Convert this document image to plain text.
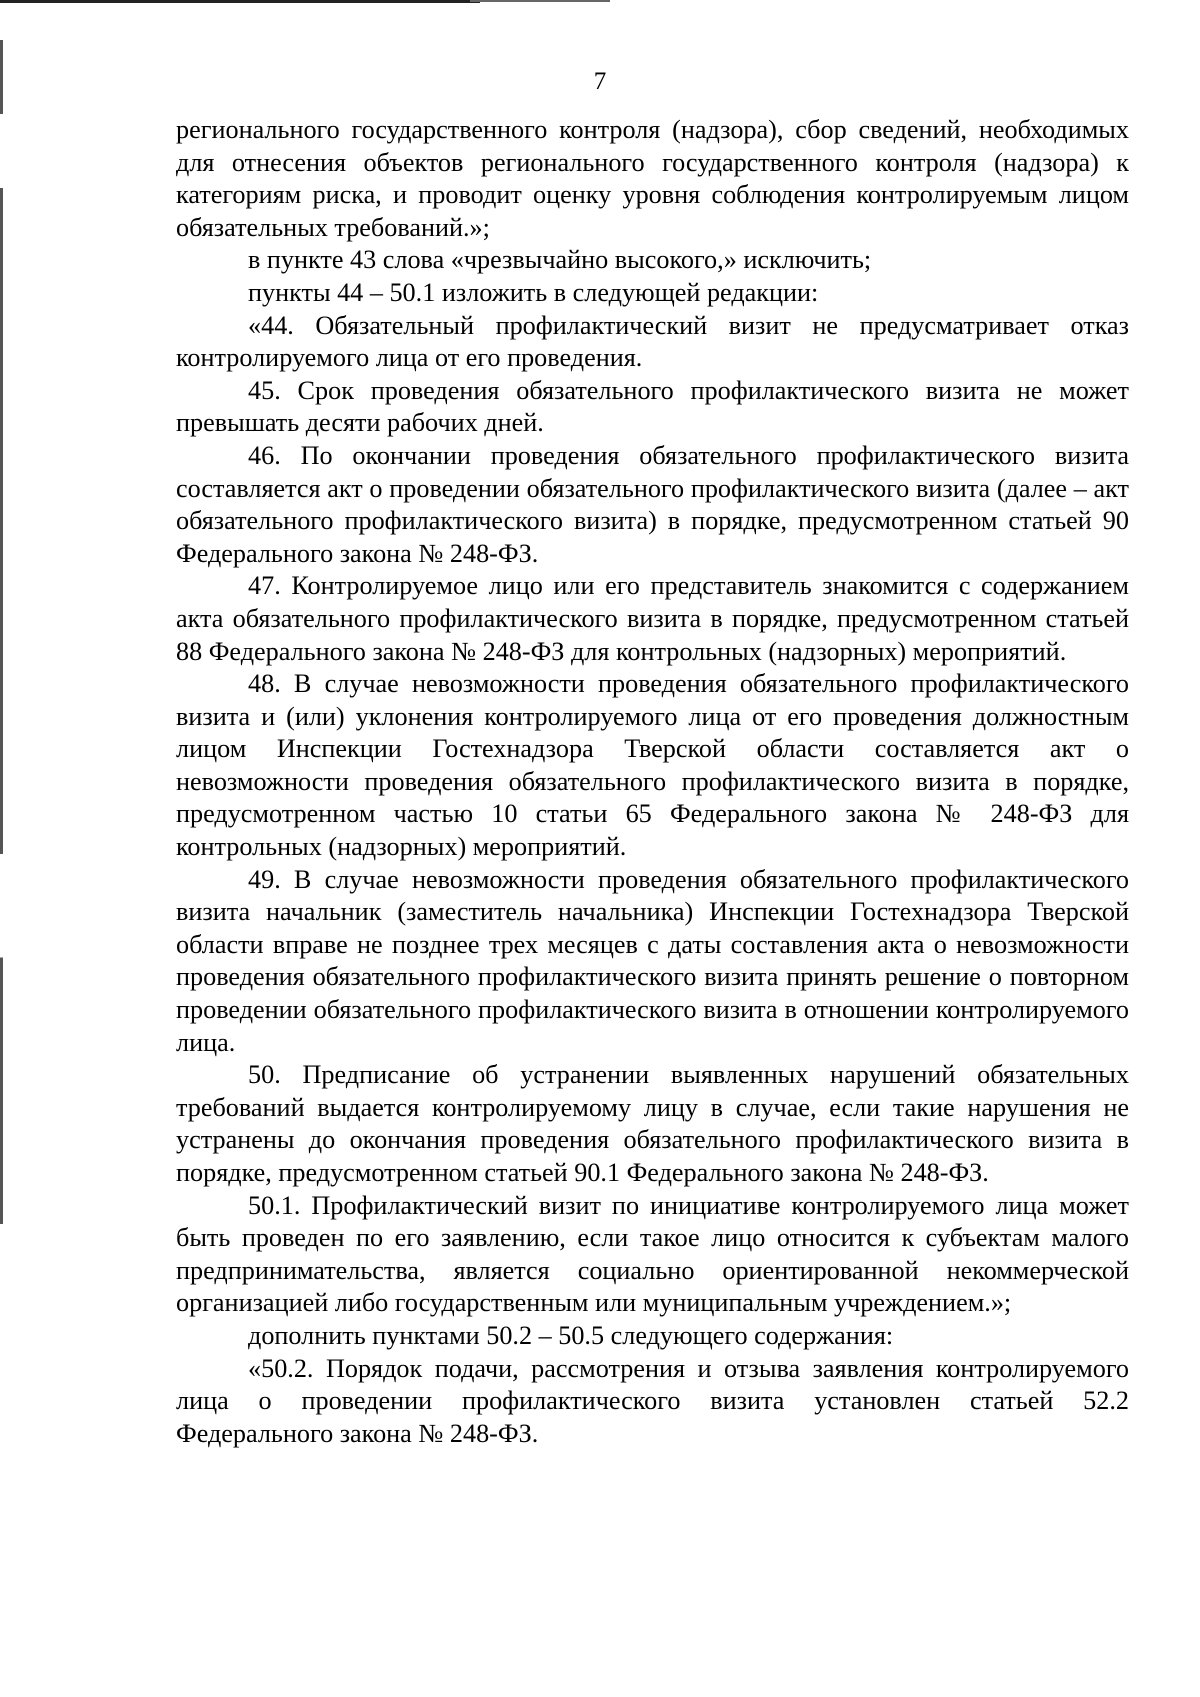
7

регионального государственного контроля (надзора), сбор сведений, необходимых для отнесения объектов регионального государственного контроля (надзора) к категориям риска, и проводит оценку уровня соблюдения контролируемым лицом обязательных требований.»;

в пункте 43 слова «чрезвычайно высокого,» исключить;

пункты 44 – 50.1 изложить в следующей редакции:

«44. Обязательный профилактический визит не предусматривает отказ контролируемого лица от его проведения.

45. Срок проведения обязательного профилактического визита не может превышать десяти рабочих дней.

46. По окончании проведения обязательного профилактического визита составляется акт о проведении обязательного профилактического визита (далее – акт обязательного профилактического визита) в порядке, предусмотренном статьей 90 Федерального закона № 248-ФЗ.

47. Контролируемое лицо или его представитель знакомится с содержанием акта обязательного профилактического визита в порядке, предусмотренном статьей 88 Федерального закона № 248-ФЗ для контрольных (надзорных) мероприятий.

48. В случае невозможности проведения обязательного профилактического визита и (или) уклонения контролируемого лица от его проведения должностным лицом Инспекции Гостехнадзора Тверской области составляется акт о невозможности проведения обязательного профилактического визита в порядке, предусмотренном частью 10 статьи 65 Федерального закона № 248-ФЗ для контрольных (надзорных) мероприятий.

49. В случае невозможности проведения обязательного профилактического визита начальник (заместитель начальника) Инспекции Гостехнадзора Тверской области вправе не позднее трех месяцев с даты составления акта о невозможности проведения обязательного профилактического визита принять решение о повторном проведении обязательного профилактического визита в отношении контролируемого лица.

50. Предписание об устранении выявленных нарушений обязательных требований выдается контролируемому лицу в случае, если такие нарушения не устранены до окончания проведения обязательного профилактического визита в порядке, предусмотренном статьей 90.1 Федерального закона № 248-ФЗ.

50.1. Профилактический визит по инициативе контролируемого лица может быть проведен по его заявлению, если такое лицо относится к субъектам малого предпринимательства, является социально ориентированной некоммерческой организацией либо государственным или муниципальным учреждением.»;

дополнить пунктами 50.2 – 50.5 следующего содержания:

«50.2. Порядок подачи, рассмотрения и отзыва заявления контролируемого лица о проведении профилактического визита установлен статьей 52.2 Федерального закона № 248-ФЗ.
